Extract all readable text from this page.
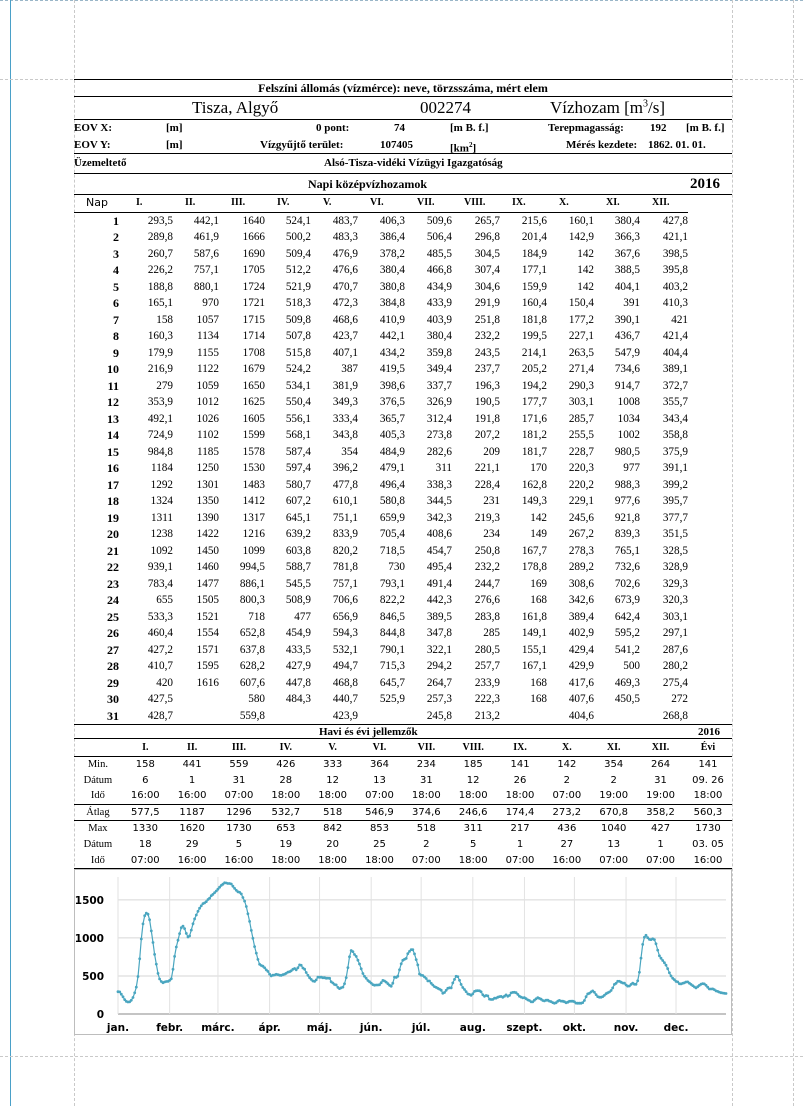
Felszíni állomás (vízmérce): neve, törzsszáma, mért elem
Tisza, Algyő	002274	Vízhozam $[m^3/s]$
EOV X:	[m]	0 pont:	74	[m B. f.]	Terepmagasság: 192 [m B. f.]
EOV Y:	[m]	Vízgyűjtő terület:	107405	$[km^2]$	Mérés kezdete: 1862. 01. 01.
Üzemeltető	Alsó-Tisza-vidéki Vízügyi Igazgatóság
Napi középvízhozamok	2016
Nap	I.	II.	III.	IV.	V.	VI.	VII.	VIII.	IX.	X.	XI.	XII.
1	293,5	442,1	1640	524,1	483,7	406,3	509,6	265,7	215,6	160,1	380,4	427,8
2	289,8	461,9	1666	500,2	483,3	386,4	506,4	296,8	201,4	142,9	366,3	421,1
3	260,7	587,6	1690	509,4	476,9	378,2	485,5	304,5	184,9	142	367,6	398,5
4	226,2	757,1	1705	512,2	476,6	380,4	466,8	307,4	177,1	142	388,5	395,8
5	188,8	880,1	1724	521,9	470,7	380,8	434,9	304,6	159,9	142	404,1	403,2
6	165,1	970	1721	518,3	472,3	384,8	433,9	291,9	160,4	150,4	391	410,3
7	158	1057	1715	509,8	468,6	410,9	403,9	251,8	181,8	177,2	390,1	421
8	160,3	1134	1714	507,8	423,7	442,1	380,4	232,2	199,5	227,1	436,7	421,4
9	179,9	1155	1708	515,8	407,1	434,2	359,8	243,5	214,1	263,5	547,9	404,4
10	216,9	1122	1679	524,2	387	419,5	349,4	237,7	205,2	271,4	734,6	389,1
11	279	1059	1650	534,1	381,9	398,6	337,7	196,3	194,2	290,3	914,7	372,7
12	353,9	1012	1625	550,4	349,3	376,5	326,9	190,5	177,7	303,1	1008	355,7
13	492,1	1026	1605	556,1	333,4	365,7	312,4	191,8	171,6	285,7	1034	343,4
14	724,9	1102	1599	568,1	343,8	405,3	273,8	207,2	181,2	255,5	1002	358,8
15	984,8	1185	1578	587,4	354	484,9	282,6	209	181,7	228,7	980,5	375,9
16	1184	1250	1530	597,4	396,2	479,1	311	221,1	170	220,3	977	391,1
17	1292	1301	1483	580,7	477,8	496,4	338,3	228,4	162,8	220,2	988,3	399,2
18	1324	1350	1412	607,2	610,1	580,8	344,5	231	149,3	229,1	977,6	395,7
19	1311	1390	1317	645,1	751,1	659,9	342,3	219,3	142	245,6	921,8	377,7
20	1238	1422	1216	639,2	833,9	705,4	408,6	234	149	267,2	839,3	351,5
21	1092	1450	1099	603,8	820,2	718,5	454,7	250,8	167,7	278,3	765,1	328,5
22	939,1	1460	994,5	588,7	781,8	730	495,4	232,2	178,8	289,2	732,6	328,9
23	783,4	1477	886,1	545,5	757,1	793,1	491,4	244,7	169	308,6	702,6	329,3
24	655	1505	800,3	508,9	706,6	822,2	442,3	276,6	168	342,6	673,9	320,3
25	533,3	1521	718	477	656,9	846,5	389,5	283,8	161,8	389,4	642,4	303,1
26	460,4	1554	652,8	454,9	594,3	844,8	347,8	285	149,1	402,9	595,2	297,1
27	427,2	1571	637,8	433,5	532,1	790,1	322,1	280,5	155,1	429,4	541,2	287,6
28	410,7	1595	628,2	427,9	494,7	715,3	294,2	257,7	167,1	429,9	500	280,2
29	420	1616	607,6	447,8	468,8	645,7	264,7	233,9	168	417,6	469,3	275,4
30	427,5		580	484,3	440,7	525,9	257,3	222,3	168	407,6	450,5	272
31	428,7		559,8		423,9		245,8	213,2		404,6		268,8
Havi és évi jellemzők	2016
	I.	II.	III.	IV.	V.	VI.	VII.	VIII.	IX.	X.	XI.	XII.	Évi
Min.	158	441	559	426	333	364	234	185	141	142	354	264	141
Dátum	6	1	31	28	12	13	31	12	26	2	2	31	09. 26
Idő	16:00	16:00	07:00	18:00	18:00	07:00	18:00	18:00	18:00	07:00	19:00	19:00	18:00
Átlag	577,5	1187	1296	532,7	518	546,9	374,6	246,6	174,4	273,2	670,8	358,2	560,3
Max	1330	1620	1730	653	842	853	518	311	217	436	1040	427	1730
Dátum	18	29	5	19	20	25	2	5	1	27	13	1	03. 05
Idő	07:00	16:00	16:00	18:00	18:00	18:00	07:00	18:00	07:00	16:00	07:00	07:00	16:00
0
500
1000
1500
jan.	febr. márc. ápr. máj.	jún.	júl.	aug. szept. okt.	nov. dec.
